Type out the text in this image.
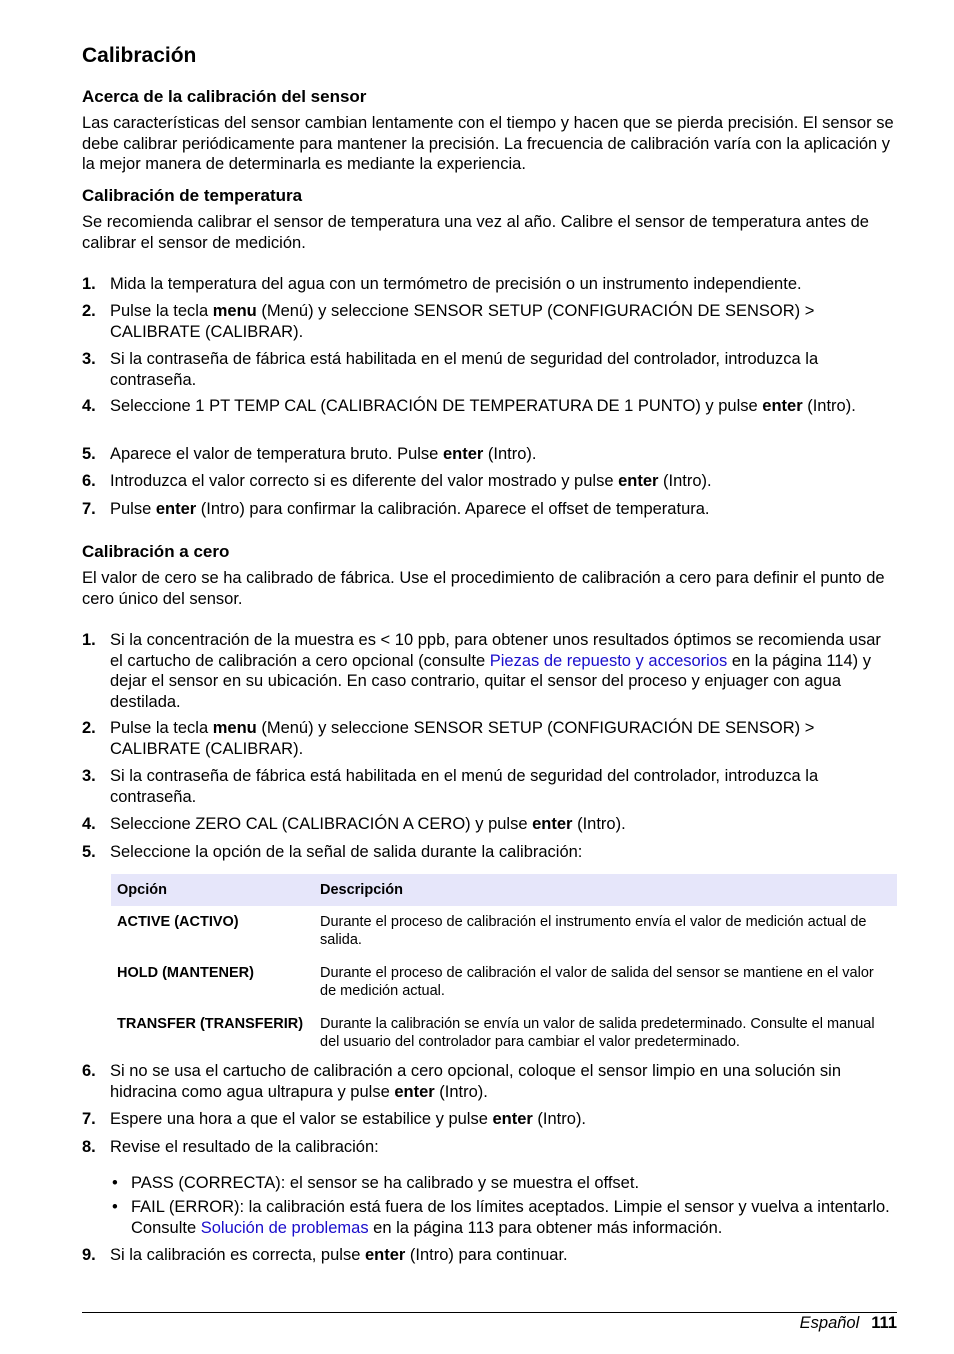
Calibración
Acerca de la calibración del sensor

Las características del sensor cambian lentamente con el tiempo y hacen que se pierda precisión. El sensor se debe calibrar periódicamente para mantener la precisión. La frecuencia de calibración varía con la aplicación y la mejor manera de determinarla es mediante la experiencia.

Calibración de temperatura

Se recomienda calibrar el sensor de temperatura una vez al año. Calibre el sensor de temperatura antes de calibrar el sensor de medición.

1. Mida la temperatura del agua con un termómetro de precisión o un instrumento independiente.
2. Pulse la tecla menu (Menú) y seleccione SENSOR SETUP (CONFIGURACIÓN DE SENSOR) > CALIBRATE (CALIBRAR).
3. Si la contraseña de fábrica está habilitada en el menú de seguridad del controlador, introduzca la contraseña.
4. Seleccione 1 PT TEMP CAL (CALIBRACIÓN DE TEMPERATURA DE 1 PUNTO) y pulse enter (Intro).
5. Aparece el valor de temperatura bruto. Pulse enter (Intro).
6. Introduzca el valor correcto si es diferente del valor mostrado y pulse enter (Intro).
7. Pulse enter (Intro) para confirmar la calibración. Aparece el offset de temperatura.
Calibración a cero

El valor de cero se ha calibrado de fábrica. Use el procedimiento de calibración a cero para definir el punto de cero único del sensor.

1. Si la concentración de la muestra es < 10 ppb, para obtener unos resultados óptimos se recomienda usar el cartucho de calibración a cero opcional (consulte Piezas de repuesto y accesorios en la página 114) y dejar el sensor en su ubicación. En caso contrario, quitar el sensor del proceso y enjuager con agua destilada.
2. Pulse la tecla menu (Menú) y seleccione SENSOR SETUP (CONFIGURACIÓN DE SENSOR) > CALIBRATE (CALIBRAR).
3. Si la contraseña de fábrica está habilitada en el menú de seguridad del controlador, introduzca la contraseña.
4. Seleccione ZERO CAL (CALIBRACIÓN A CERO) y pulse enter (Intro).
5. Seleccione la opción de la señal de salida durante la calibración:
Opción	Descripción
ACTIVE (ACTIVO)	Durante el proceso de calibración el instrumento envía el valor de medición actual de salida.
HOLD (MANTENER)	Durante el proceso de calibración el valor de salida del sensor se mantiene en el valor de medición actual.
TRANSFER (TRANSFERIR)	Durante la calibración se envía un valor de salida predeterminado. Consulte el manual del usuario del controlador para cambiar el valor predeterminado.
6. Si no se usa el cartucho de calibración a cero opcional, coloque el sensor limpio en una solución sin hidracina como agua ultrapura y pulse enter (Intro).
7. Espere una hora a que el valor se estabilice y pulse enter (Intro).
8. Revise el resultado de la calibración:
• PASS (CORRECTA): el sensor se ha calibrado y se muestra el offset.
• FAIL (ERROR): la calibración está fuera de los límites aceptados. Limpie el sensor y vuelva a intentarlo. Consulte Solución de problemas en la página 113 para obtener más información.
9. Si la calibración es correcta, pulse enter (Intro) para continuar.
Español 111
